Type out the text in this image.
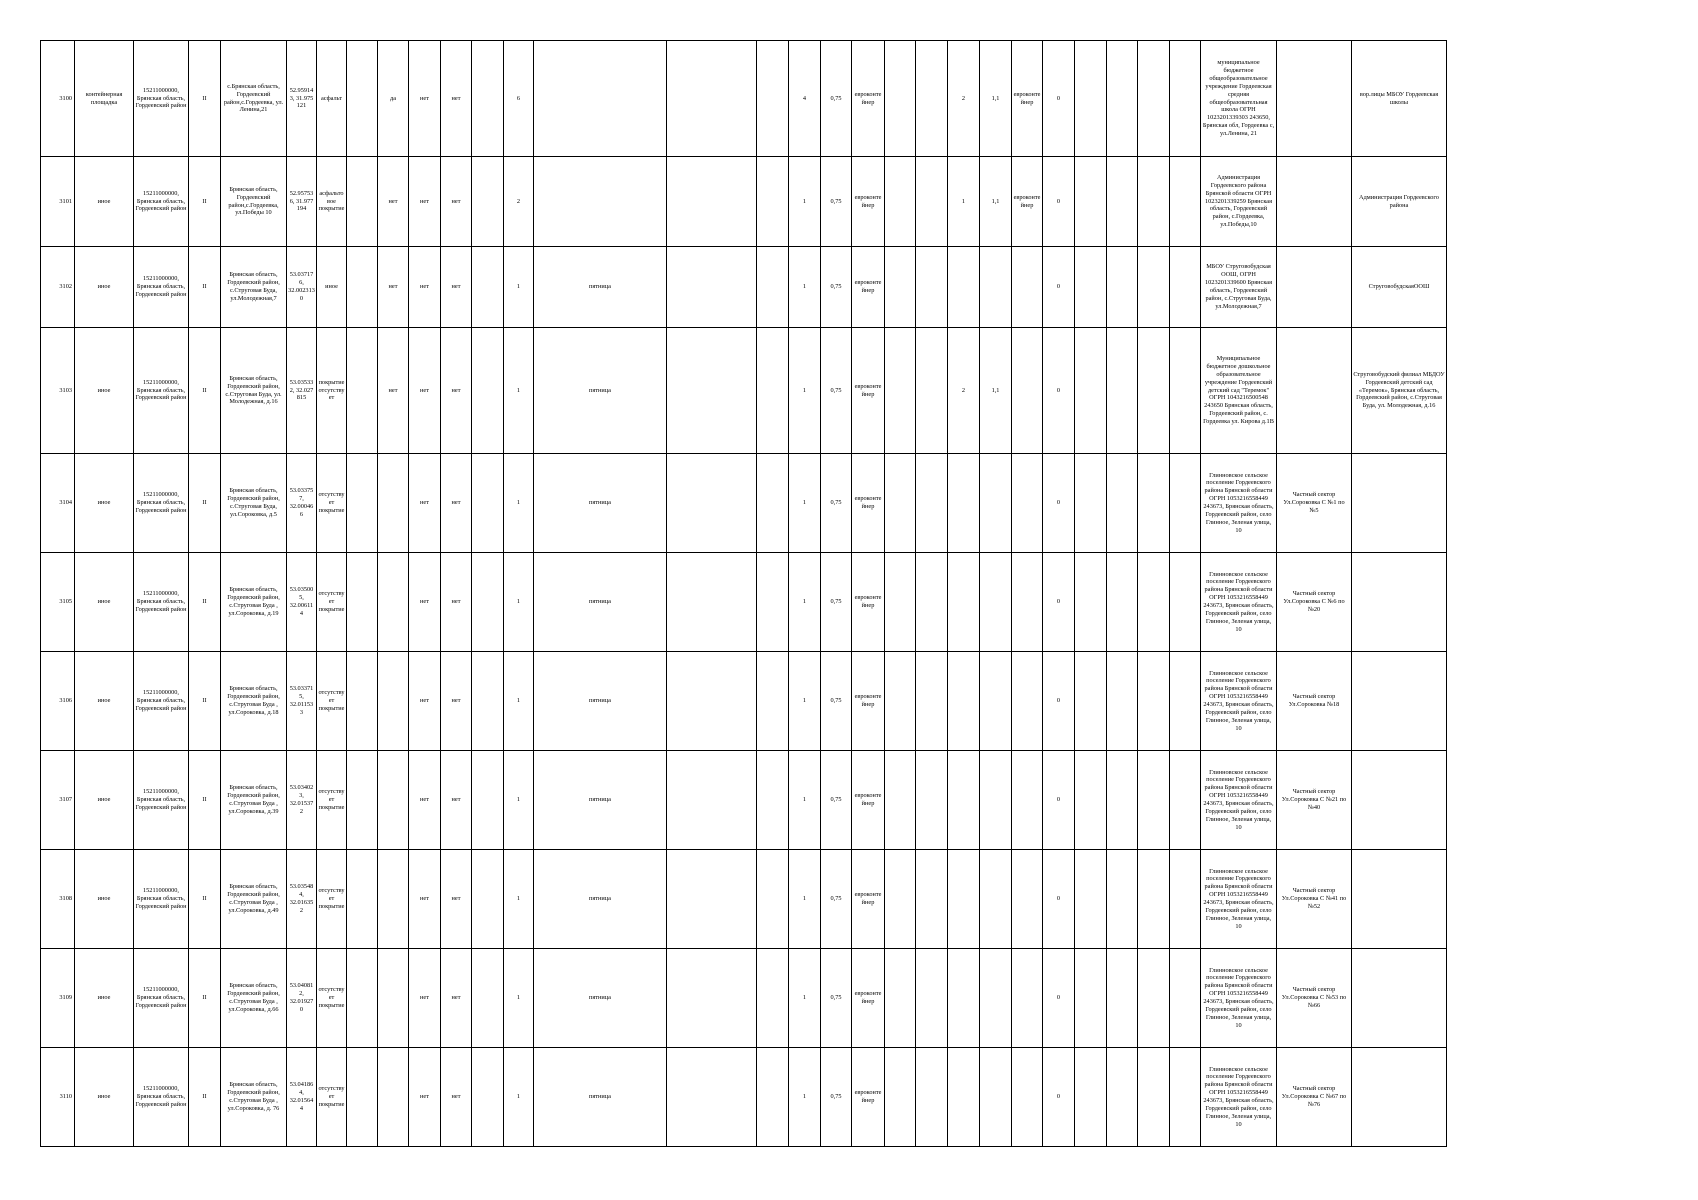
3100	контейнерная площадка	15211000000, Брянская область, Гордеевский район	II	с.Брянская область, Гордеевский район,с.Гордеевка, ул. Ленина,21	52.95914 3, 31.975 121	асфальт		да	нет	нет		6				4	0,75	евроконтейнер			2	1,1	евроконтейнер	0					муниципальное бюджетное общеобразовательное учреждение Гордеевская средняя общеобразовательная школа ОГРН 1023201339303 243650, Брянская обл, Гордеевка с, ул.Ленина, 21		вор.лицы МБОУ Гордеевская школы
3101	иное	15211000000, Брянская область, Гордеевский район	II	Брянская область, Гордеевский район,с.Гордеевка, ул.Победы 10	52.95753 6, 31.977 194	асфальтовое покрытие		нет	нет	нет		2				1	0,75	евроконтейнер			1	1,1	евроконтейнер	0					Администрация Гордеевского района Брянской области ОГРН 1023201339259 Брянская область, Гордеевский район, с.Гордеевка, ул.Победы,10		Администрация Гордеевского района
3102	иное	15211000000, Брянская область, Гордеевский район	II	Брянская область, Гордеевский район, с.Струговая Буда, ул.Молодежная,7	53.03717 6, 32.002313 0	иное		нет	нет	нет		1	пятница			1	0,75	евроконтейнер						0					МБОУ Струговобудская ООШ, ОГРН 1023201339600 Брянская область, Гордеевский район, с.Струговая Буда, ул.Молодежная,7		СтруговобудскаяООШ
3103	иное	15211000000, Брянская область, Гордеевский район	II	Брянская область, Гордеевский район, с.Струговая Буда, ул. Молодежная, д.16	53.03533 2, 32.027 815	покрытие отсутствует		нет	нет	нет		1	пятница			1	0,75	евроконтейнер			2	1,1		0					Муниципальное бюджетное дошкольное образовательное учреждение Гордеевский детский сад "Теремок" ОГРН 1043216500548 243650 Брянская область, Гордеевский район, с. Гордеевка ул. Кирова д.1В		Струговобудский филиал МБДОУ Гордеевский детский сад «Теремок», Брянская область, Гордеевский район, с.Струговая Буда, ул. Молодежная, д.16
3104	иное	15211000000, Брянская область, Гордеевский район	II	Брянская область, Гордеевский район, с.Струговая Буда, ул.Сороковка, д.5	53.03375 7, 32.00046 6	отсутствует покрытие			нет	нет		1	пятница			1	0,75	евроконтейнер						0					Глинновское сельское поселение Гордеевского района Брянской области ОГРН 1053216558449 243673, Брянская область, Гордеевский район, село Глинное, Зеленая улица, 10	Частный сектор Ул.Сороковка С №1 по №5	
3105	иное	15211000000, Брянская область, Гордеевский район	II	Брянская область, Гордеевский район, с.Струговая Буда , ул.Сороковка, д.19	53.03500 5, 32.00611 4	отсутствует покрытие			нет	нет		1	пятница			1	0,75	евроконтейнер						0					Глинновское сельское поселение Гордеевского района Брянской области ОГРН 1053216558449 243673, Брянская область, Гордеевский район, село Глинное, Зеленая улица, 10	Частный сектор Ул.Сороковка С №6 по №20	
3106	иное	15211000000, Брянская область, Гордеевский район	II	Брянская область, Гордеевский район, с.Струговая Буда , ул.Сороковка, д.18	53.03371 5, 32.01153 3	отсутствует покрытие			нет	нет		1	пятница			1	0,75	евроконтейнер						0					Глинновское сельское поселение Гордеевского района Брянской области ОГРН 1053216558449 243673, Брянская область, Гордеевский район, село Глинное, Зеленая улица, 10	Частный сектор Ул.Сороковка №18	
3107	иное	15211000000, Брянская область, Гордеевский район	II	Брянская область, Гордеевский район, с.Струговая Буда , ул.Сороковка, д.39	53.03402 3, 32.01537 2	отсутствует покрытие			нет	нет		1	пятница			1	0,75	евроконтейнер						0					Глинновское сельское поселение Гордеевского района Брянской области ОГРН 1053216558449 243673, Брянская область, Гордеевский район, село Глинное, Зеленая улица, 10	Частный сектор Ул.Сороковка С №21 по №40	
3108	иное	15211000000, Брянская область, Гордеевский район	II	Брянская область, Гордеевский район, с.Струговая Буда , ул.Сороковка, д.49	53.03548 4, 32.01635 2	отсутствует покрытие			нет	нет		1	пятница			1	0,75	евроконтейнер						0					Глинновское сельское поселение Гордеевского района Брянской области ОГРН 1053216558449 243673, Брянская область, Гордеевский район, село Глинное, Зеленая улица, 10	Частный сектор Ул.Сороковка С №41 по №52	
3109	иное	15211000000, Брянская область, Гордеевский район	II	Брянская область, Гордеевский район, с.Струговая Буда , ул.Сороковка, д.66	53.04081 2, 32.01927 0	отсутствует покрытие			нет	нет		1	пятница			1	0,75	евроконтейнер						0					Глинновское сельское поселение Гордеевского района Брянской области ОГРН 1053216558449 243673, Брянская область, Гордеевский район, село Глинное, Зеленая улица, 10	Частный сектор Ул.Сороковка С №53 по №66	
3110	иное	15211000000, Брянская область, Гордеевский район	II	Брянская область, Гордеевский район, с.Струговая Буда , ул.Сороковка, д. 76	53.04186 4, 32.01564 4	отсутствует покрытие			нет	нет		1	пятница			1	0,75	евроконтейнер						0					Глинновское сельское поселение Гордеевского района Брянской области ОГРН 1053216558449 243673, Брянская область, Гордеевский район, село Глинное, Зеленая улица, 10	Частный сектор Ул.Сороковка С №67 по №76	
